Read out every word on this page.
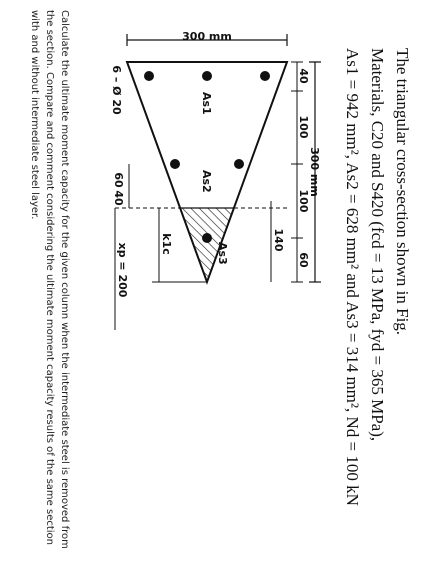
The triangular cross-section shown in Fig.

Materials, C20 and S420 (fcd = 13 MPa, fyd = 365 MPa),

As1 = 942 mm², As2 = 628 mm² and As3 = 314 mm², Nd = 100 kN

300 mm
40
100
100
60
140
300 mm
As1
As2
As3
k1c
60
40
xp = 200
6 – Ø 20
Calculate the ultimate moment capacity for the given column when the intermediate steel is removed from the section. Compare and comment considering the ultimate moment capacity results of the same section with and without intermediate steel layer.
